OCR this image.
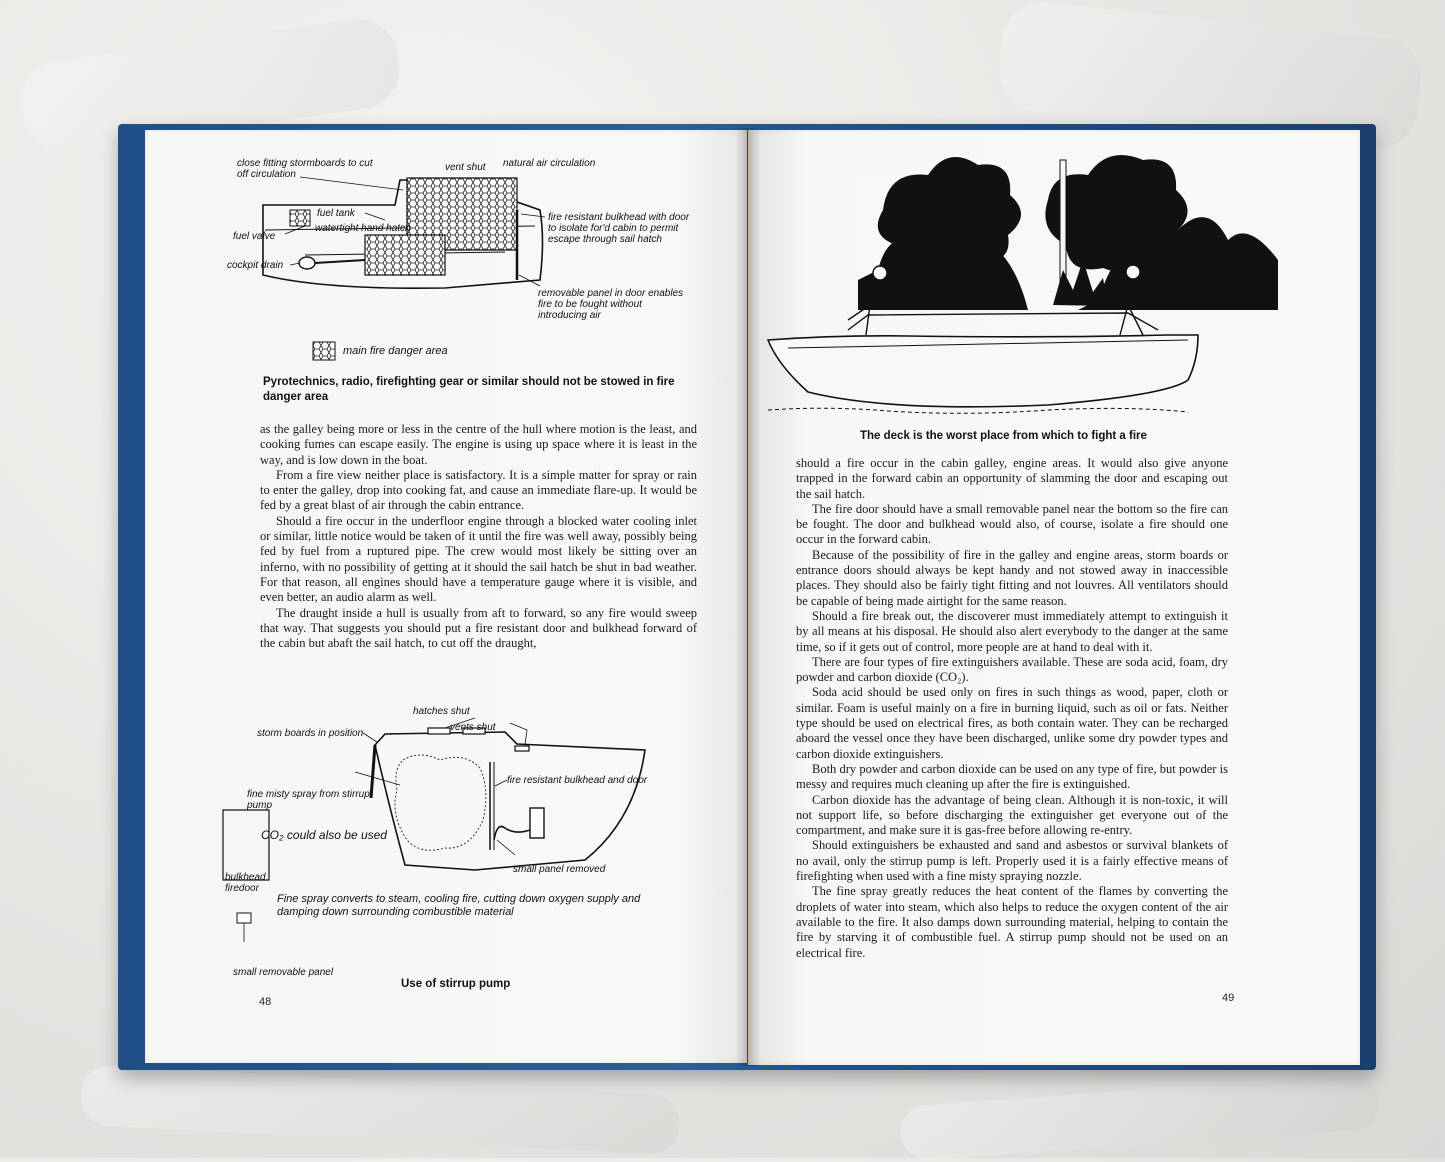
close fitting stormboards to cut
off circulation
vent shut natural air circulation
fuel tank
fuel valve
watertight hand hatch
cockpit drain
fire resistant bulkhead with door
to isolate for'd cabin to permit
escape through sail hatch
removable panel in door enables
fire to be fought without
introducing air
main fire danger area
Pyrotechnics, radio, firefighting gear or similar should not be stowed in fire danger area

as the galley being more or less in the centre of the hull where motion is the least, and cooking fumes can escape easily. The engine is using up space where it is least in the way, and is low down in the boat.

From a fire view neither place is satisfactory. It is a simple matter for spray or rain to enter the galley, drop into cooking fat, and cause an immediate flare-up. It would be fed by a great blast of air through the cabin entrance.

Should a fire occur in the underfloor engine through a blocked water cooling inlet or similar, little notice would be taken of it until the fire was well away, possibly being fed by fuel from a ruptured pipe. The crew would most likely be sitting over an inferno, with no possibility of getting at it should the sail hatch be shut in bad weather. For that reason, all engines should have a temperature gauge where it is visible, and even better, an audio alarm as well.

The draught inside a hull is usually from aft to forward, so any fire would sweep that way. That suggests you should put a fire resistant door and bulkhead forward of the cabin but abaft the sail hatch, to cut off the draught,

hatches shut
vents shut
storm boards in position
fire resistant bulkhead and door
fine misty spray from stirrup
pump
CO₂ could also be used
small panel removed
bulkhead
firedoor
Fine spray converts to steam, cooling fire, cutting down oxygen supply and
damping down surrounding combustible material
small removable panel
Use of stirrup pump
48
The deck is the worst place from which to fight a fire

should a fire occur in the cabin galley, engine areas. It would also give anyone trapped in the forward cabin an opportunity of slamming the door and escaping out the sail hatch.

The fire door should have a small removable panel near the bottom so the fire can be fought. The door and bulkhead would also, of course, isolate a fire should one occur in the forward cabin.

Because of the possibility of fire in the galley and engine areas, storm boards or entrance doors should always be kept handy and not stowed away in inaccessible places. They should also be fairly tight fitting and not louvres. All ventilators should be capable of being made airtight for the same reason.

Should a fire break out, the discoverer must immediately attempt to extinguish it by all means at his disposal. He should also alert everybody to the danger at the same time, so if it gets out of control, more people are at hand to deal with it.

There are four types of fire extinguishers available. These are soda acid, foam, dry powder and carbon dioxide (CO₂).

Soda acid should be used only on fires in such things as wood, paper, cloth or similar. Foam is useful mainly on a fire in burning liquid, such as oil or fats. Neither type should be used on electrical fires, as both contain water. They can be recharged aboard the vessel once they have been discharged, unlike some dry powder types and carbon dioxide extinguishers.

Both dry powder and carbon dioxide can be used on any type of fire, but powder is messy and requires much cleaning up after the fire is extinguished.

Carbon dioxide has the advantage of being clean. Although it is non-toxic, it will not support life, so before discharging the extinguisher get everyone out of the compartment, and make sure it is gas-free before allowing re-entry.

Should extinguishers be exhausted and sand and asbestos or survival blankets of no avail, only the stirrup pump is left. Properly used it is a fairly effective means of firefighting when used with a fine misty spraying nozzle.

The fine spray greatly reduces the heat content of the flames by converting the droplets of water into steam, which also helps to reduce the oxygen content of the air available to the fire. It also damps down surrounding material, helping to contain the fire by starving it of combustible fuel. A stirrup pump should not be used on an electrical fire.

49
